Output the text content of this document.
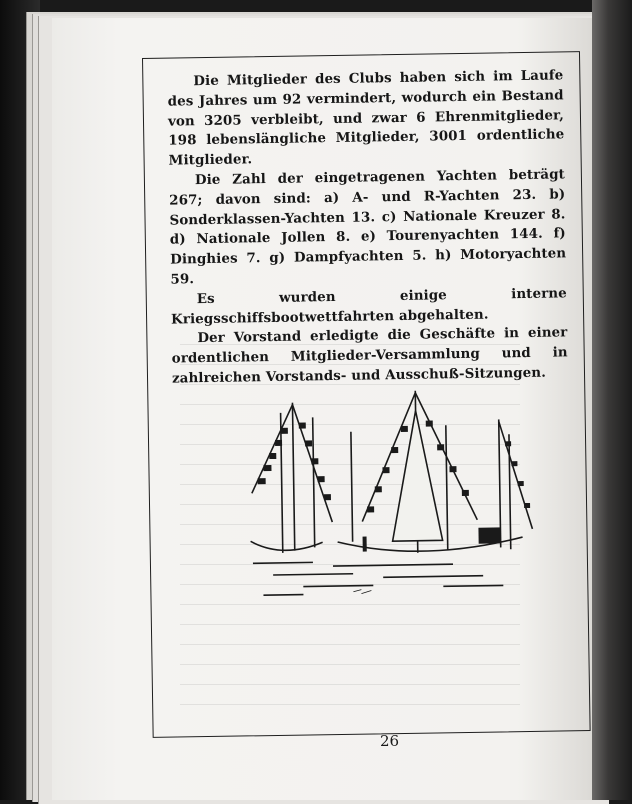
Die Mitglieder des Clubs haben sich im Laufe des Jahres um 92 vermindert, wodurch ein Bestand von 3205 verbleibt, und zwar 6 Ehrenmitglieder, 198 lebenslängliche Mitglieder, 3001 ordentliche Mitglieder.

Die Zahl der eingetragenen Yachten beträgt 267; davon sind: a) A- und R-Yachten 23. b) Sonderklassen-Yachten 13. c) Nationale Kreuzer 8. d) Nationale Jollen 8. e) Tourenyachten 144. f) Dinghies 7. g) Dampfyachten 5. h) Motoryachten 59.

Es wurden einige interne Kriegsschiffsbootwettfahrten abgehalten.

Der Vorstand erledigte die Geschäfte in einer ordentlichen Mitglieder-Versammlung und in zahlreichen Vorstands- und Ausschuß-Sitzungen.

26
